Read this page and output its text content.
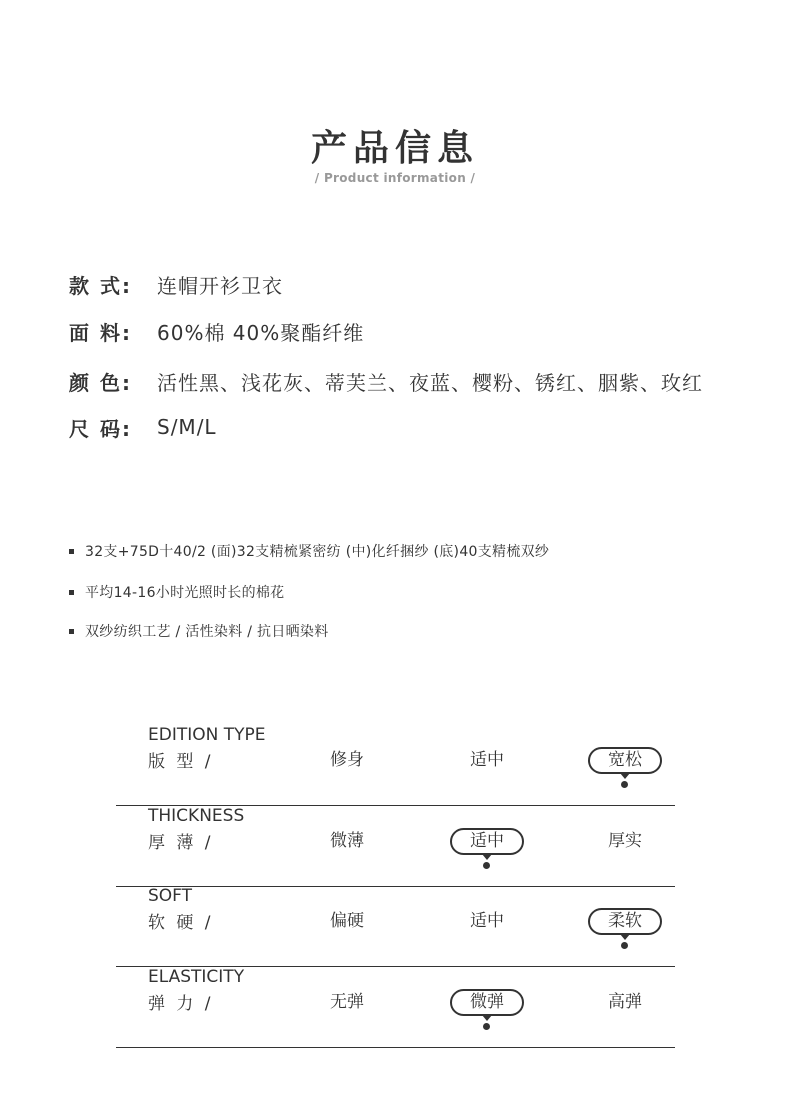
产品信息
/ Product information /
款 式:	连帽开衫卫衣
面 料:	60%棉 40%聚酯纤维
颜 色:	活性黑、浅花灰、蒂芙兰、夜蓝、樱粉、锈红、胭紫、玫红
尺 码:	S/M/L
32支+75D十40/2 (面)32支精梳紧密纺 (中)化纤捆纱 (底)40支精梳双纱
平均14-16小时光照时长的棉花
双纱纺织工艺 / 活性染料 / 抗日晒染料
EDITION TYPE
版 型 /	修身	适中	宽松
THICKNESS
厚 薄 /	微薄	适中	厚实
SOFT
软 硬 /	偏硬	适中	柔软
ELASTICITY
弹 力 /	无弹	微弹	高弹
